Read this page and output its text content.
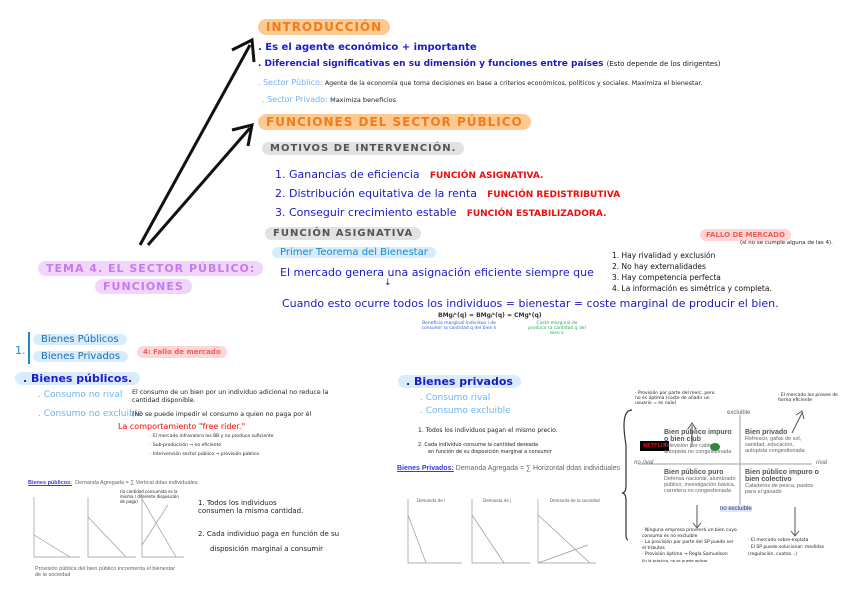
TEMA 4. EL SECTOR PÚBLICO:
FUNCIONES
INTRODUCCIÓN
. Es el agente económico + importante
. Diferencial significativas en su dimensión y funciones entre países (Esto depende de los dirigentes)
. Sector Público: Agente de la economía que toma decisiones en base a criterios económicos, políticos y sociales. Maximiza el bienestar.
. Sector Privado: Maximiza beneficios
FUNCIONES DEL SECTOR PÚBLICO
MOTIVOS DE INTERVENCIÓN.
1. Ganancias de eficiencia FUNCIÓN ASIGNATIVA.
2. Distribución equitativa de la renta FUNCIÓN REDISTRIBUTIVA
3. Conseguir crecimiento estable FUNCIÓN ESTABILIZADORA.
FUNCIÓN ASIGNATIVA
Primer Teorema del Bienestar
El mercado genera una asignación eficiente siempre que
↓
Cuando esto ocurre todos los individuos = bienestar = coste marginal de producir el bien.
BMgᵢᵏ(q) = BMgⱼᵏ(q) = CMgᵏ(q)
Beneficio marginal individuo i de consumir la cantidad q del bien k
Coste marginal de producir la cantidad q del bien k
FALLO DE MERCADO
(si no se cumple alguna de las 4).
1. Hay rivalidad y exclusión
2. No hay externalidades
3. Hay competencia perfecta
4. La información es simétrica y completa.
1.
Bienes Públicos
Bienes Privados	4: Fallo de mercado
. Bienes públicos.
. Consumo no rival El consumo de un bien por un individuo adicional no reduce la
cantidad disponible.
. Consumo no excluible
(No se puede impedir el consumo a quien no paga por él
La comportamiento "free rider."
· El mercado infravalora los BB y no produce suficiente
· Sub-producción → no eficiente
· Intervención sector público → provisión pública
Bienes públicos: Demanda Agregada = ∑ Vertical ddas individuales
(la cantidad consumida es la misma / diferente disposición de pago)
Provisión pública del bien público incrementa el bienestar de la sociedad
1. Todos los individuos consumen la misma cantidad.
2. Cada individuo paga en función de su
disposición marginal a consumir
. Bienes privados
. Consumo rival
. Consumo excluible
1. Todos los individuos pagan el mismo precio.
2. Cada individuo consume la cantidad deseada
en función de su disposición marginal a consumir
Bienes Privados: Demanda Agregada = ∑ Horizontal ddas individuales
Demanda de i	Demanda de j	Demanda de la sociedad
· Provisión por parte del merc. pero no es óptima (coste de añadir un usuario = es nulo)
· El mercado los provee de forma eficiente
excluible
no rival	rival
no excluible
NETFLIX
Bien público impuro o bien club
Televisión por cable, autopista no congestionada
Bien privado
Refresco, gafas de sol, sanidad, educación, autopista congestionada
Bien público puro
Defensa nacional, alumbrado público, investigación básica, carretera no congestionada
Bien público impuro o bien colectivo
Caladeros de pesca, pastos para el ganado
· Ninguna empresa proveerá un bien cuyo consumo es no excluible
· La provisión por parte del SP puede ser el tributos
· Provisión óptima → Regla Samuelson
En la práctica, no se puede aplicar
· El mercado sobre-explota
· El SP puede solucionar: medidas (regulación, cuotas...)
